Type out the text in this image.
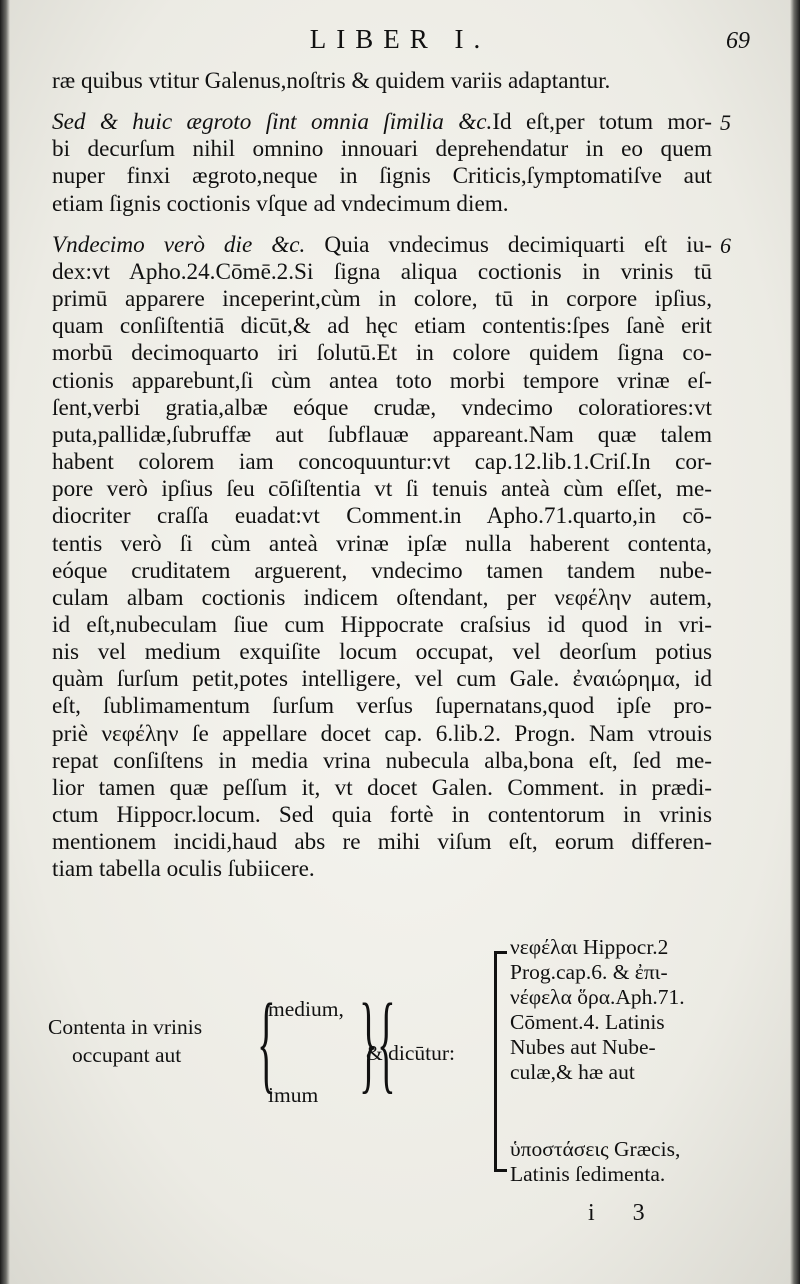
LIBER I.	69
ræ quibus vtitur Galenus,noſtris & quidem variis adaptantur.
Sed & huic ægroto ſint omnia ſimilia &c.Id eſt,per totum mor- 5
bi decurſum nihil omnino innouari deprehendatur in eo quem
nuper finxi ægroto,neque in ſignis Criticis,ſymptomatiſve aut
etiam ſignis coctionis vſque ad vndecimum diem.
Vndecimo verò die &c. Quia vndecimus decimiquarti eſt iu- 6
dex:vt Apho.24.Cōmē.2.Si ſigna aliqua coctionis in vrinis tū
primū apparere inceperint,cùm in colore, tū in corpore ipſius,
quam conſiſtentiā dicūt,& ad hęc etiam contentis:ſpes ſanè erit
morbū decimoquarto iri ſolutū.Et in colore quidem ſigna co-
ctionis apparebunt,ſi cùm antea toto morbi tempore vrinæ eſ-
ſent,verbi gratia,albæ eóque crudæ, vndecimo coloratiores:vt
puta,pallidæ,ſubruffæ aut ſubflauæ appareant.Nam quæ talem
habent colorem iam concoquuntur:vt cap.12.lib.1.Criſ.In cor-
pore verò ipſius ſeu cōſiſtentia vt ſi tenuis anteà cùm eſſet, me-
diocriter craſſa euadat:vt Comment.in Apho.71.quarto,in cō-
tentis verò ſi cùm anteà vrinæ ipſæ nulla haberent contenta,
eóque cruditatem arguerent, vndecimo tamen tandem nube-
culam albam coctionis indicem oſtendant, per νεφέλην autem,
id eſt,nubeculam ſiue cum Hippocrate craſsius id quod in vri-
nis vel medium exquiſite locum occupat, vel deorſum potius
quàm ſurſum petit,potes intelligere, vel cum Gale. ἐναιώρημα, id
eſt, ſublimamentum ſurſum verſus ſupernatans,quod ipſe pro-
priè νεφέλην ſe appellare docet cap. 6.lib.2. Progn. Nam vtrouis
repat conſiſtens in media vrina nubecula alba,bona eſt, ſed me-
lior tamen quæ peſſum it, vt docet Galen. Comment. in prædi-
ctum Hippocr.locum. Sed quia fortè in contentorum in vrinis
mentionem incidi,haud abs re mihi viſum eſt, eorum differen-
tiam tabella oculis ſubiicere.
Contenta in vrinis
occupant aut {
medium,
imum } {
& dicūtur:
νεφέλαι Hippocr.2
Prog.cap.6. & ἐπι-
νέφελα ὅρα.Aph.71.
Cōment.4. Latinis
Nubes aut Nube-
culæ,& hæ aut
ὑποστάσεις Græcis,
Latinis ſedimenta.
i 3
